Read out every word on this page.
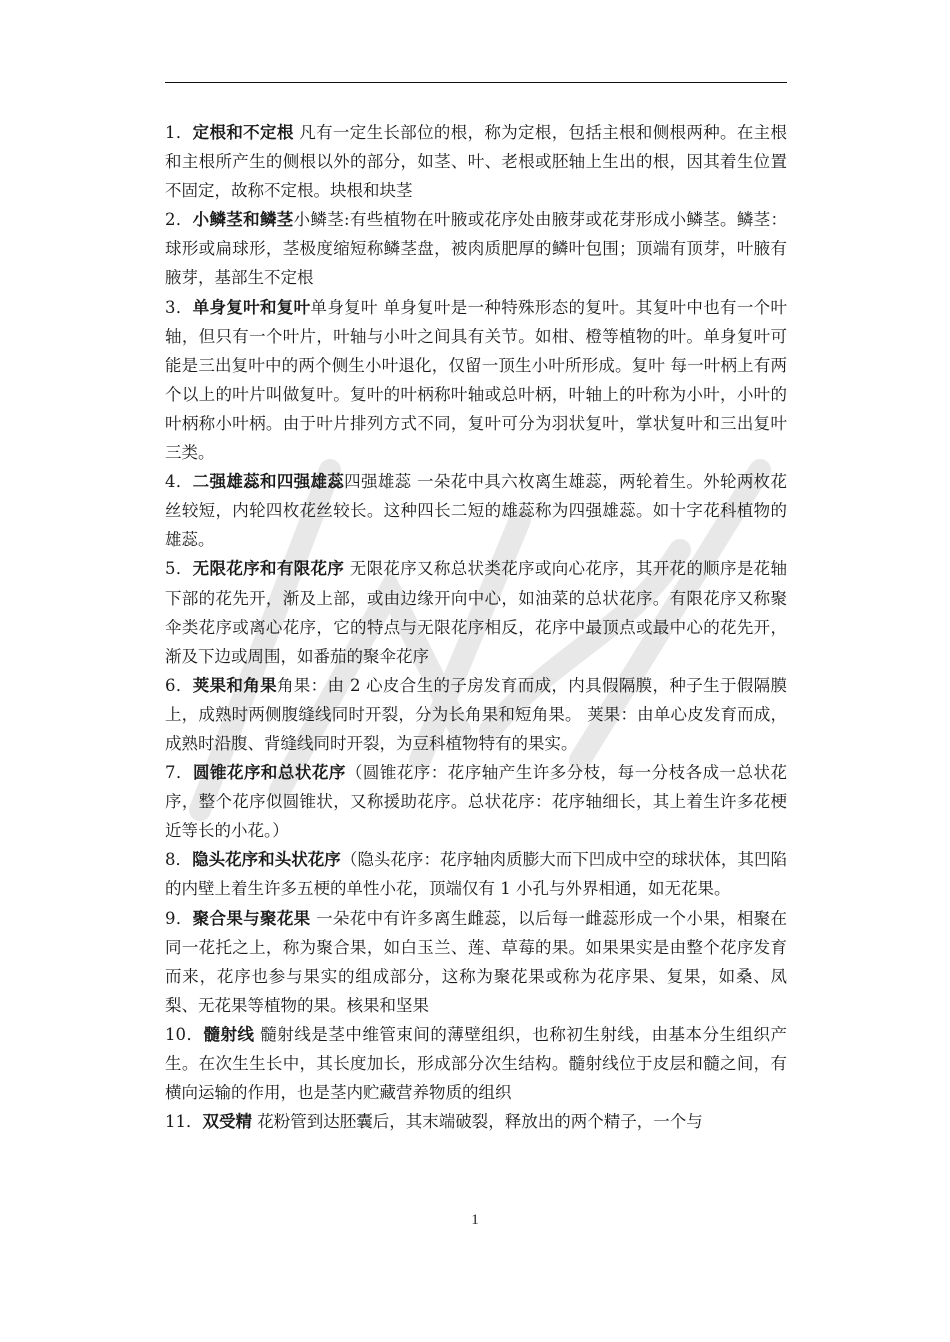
1．定根和不定根 凡有一定生长部位的根，称为定根，包括主根和侧根两种。在主根和主根所产生的侧根以外的部分，如茎、叶、老根或胚轴上生出的根，因其着生位置不固定，故称不定根。块根和块茎

2．小鳞茎和鳞茎小鳞茎:有些植物在叶腋或花序处由腋芽或花芽形成小鳞茎。鳞茎：球形或扁球形，茎极度缩短称鳞茎盘，被肉质肥厚的鳞叶包围；顶端有顶芽，叶腋有腋芽，基部生不定根

3．单身复叶和复叶单身复叶 单身复叶是一种特殊形态的复叶。其复叶中也有一个叶轴，但只有一个叶片，叶轴与小叶之间具有关节。如柑、橙等植物的叶。单身复叶可能是三出复叶中的两个侧生小叶退化，仅留一顶生小叶所形成。复叶 每一叶柄上有两个以上的叶片叫做复叶。复叶的叶柄称叶轴或总叶柄，叶轴上的叶称为小叶，小叶的叶柄称小叶柄。由于叶片排列方式不同，复叶可分为羽状复叶，掌状复叶和三出复叶三类。

4．二强雄蕊和四强雄蕊四强雄蕊 一朵花中具六枚离生雄蕊，两轮着生。外轮两枚花丝较短，内轮四枚花丝较长。这种四长二短的雄蕊称为四强雄蕊。如十字花科植物的雄蕊。

5．无限花序和有限花序 无限花序又称总状类花序或向心花序，其开花的顺序是花轴下部的花先开，渐及上部，或由边缘开向中心，如油菜的总状花序。有限花序又称聚伞类花序或离心花序，它的特点与无限花序相反，花序中最顶点或最中心的花先开，渐及下边或周围，如番茄的聚伞花序

6．荚果和角果角果：由 2 心皮合生的子房发育而成，内具假隔膜，种子生于假隔膜上，成熟时两侧腹缝线同时开裂，分为长角果和短角果。 荚果：由单心皮发育而成，成熟时沿腹、背缝线同时开裂，为豆科植物特有的果实。

7．圆锥花序和总状花序（圆锥花序：花序轴产生许多分枝，每一分枝各成一总状花序，整个花序似圆锥状，又称援助花序。总状花序：花序轴细长，其上着生许多花梗近等长的小花。）

8．隐头花序和头状花序（隐头花序：花序轴肉质膨大而下凹成中空的球状体，其凹陷的内壁上着生许多五梗的单性小花，顶端仅有 1 小孔与外界相通，如无花果。

9．聚合果与聚花果 一朵花中有许多离生雌蕊，以后每一雌蕊形成一个小果，相聚在同一花托之上，称为聚合果，如白玉兰、莲、草莓的果。如果果实是由整个花序发育而来，花序也参与果实的组成部分，这称为聚花果或称为花序果、复果，如桑、凤梨、无花果等植物的果。核果和坚果

10．髓射线 髓射线是茎中维管束间的薄壁组织，也称初生射线，由基本分生组织产生。在次生生长中，其长度加长，形成部分次生结构。髓射线位于皮层和髓之间，有横向运输的作用，也是茎内贮藏营养物质的组织

11．双受精 花粉管到达胚囊后，其末端破裂，释放出的两个精子，一个与

1
